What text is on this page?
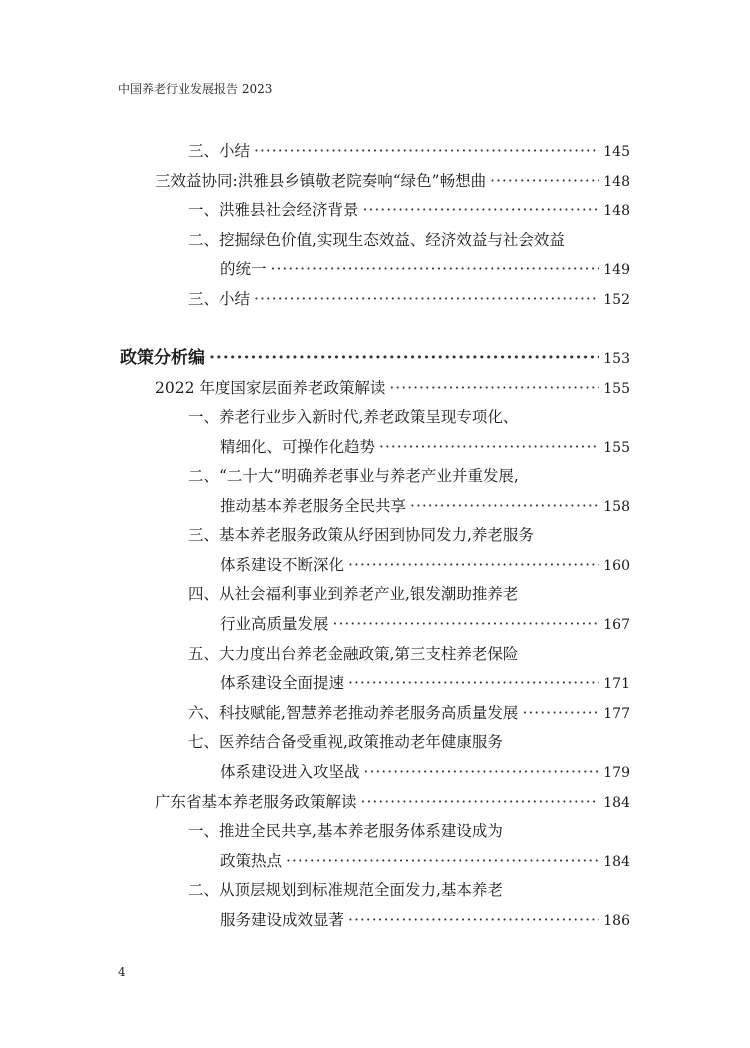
中国养老行业发展报告 2023
三、小结 ·····	145
三效益协同:洪雅县乡镇敬老院奏响“绿色”畅想曲 ·····	148
一、洪雅县社会经济背景 ·····	148
二、挖掘绿色价值,实现生态效益、经济效益与社会效益
的统一 ·····	149
三、小结 ·····	152
政策分析编 ·····	153
2022 年度国家层面养老政策解读 ·····	155
一、养老行业步入新时代,养老政策呈现专项化、
精细化、可操作化趋势 ·····	155
二、“二十大”明确养老事业与养老产业并重发展,
推动基本养老服务全民共享 ·····	158
三、基本养老服务政策从纾困到协同发力,养老服务
体系建设不断深化 ·····	160
四、从社会福利事业到养老产业,银发潮助推养老
行业高质量发展 ·····	167
五、大力度出台养老金融政策,第三支柱养老保险
体系建设全面提速 ·····	171
六、科技赋能,智慧养老推动养老服务高质量发展 ·····	177
七、医养结合备受重视,政策推动老年健康服务
体系建设进入攻坚战 ·····	179
广东省基本养老服务政策解读 ·····	184
一、推进全民共享,基本养老服务体系建设成为
政策热点 ·····	184
二、从顶层规划到标准规范全面发力,基本养老
服务建设成效显著 ·····	186
4
